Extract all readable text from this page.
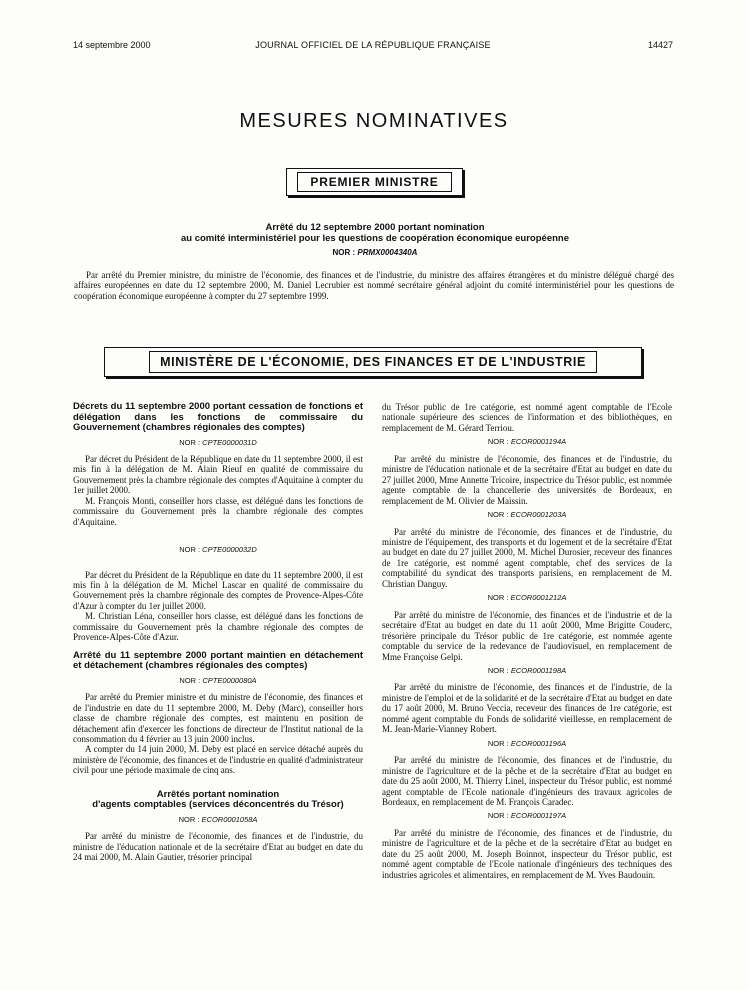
14 septembre 2000	JOURNAL OFFICIEL DE LA RÉPUBLIQUE FRANÇAISE	14427
MESURES NOMINATIVES
PREMIER MINISTRE
Arrêté du 12 septembre 2000 portant nomination
au comité interministériel pour les questions de coopération économique européenne
NOR : PRMX0004340A
Par arrêté du Premier ministre, du ministre de l'économie, des finances et de l'industrie, du ministre des affaires étrangères et du ministre délégué chargé des affaires européennes en date du 12 septembre 2000, M. Daniel Lecrubier est nommé secrétaire général adjoint du comité interministériel pour les questions de coopération économique européenne à compter du 27 septembre 1999.
MINISTÈRE DE L'ÉCONOMIE, DES FINANCES ET DE L'INDUSTRIE

Décrets du 11 septembre 2000 portant cessation de fonctions et délégation dans les fonctions de commissaire du Gouvernement (chambres régionales des comptes)

NOR : CPTE0000031D

Par décret du Président de la République en date du 11 septembre 2000, il est mis fin à la délégation de M. Alain Rieuf en qualité de commissaire du Gouvernement près la chambre régionale des comptes d'Aquitaine à compter du 1er juillet 2000.

M. François Monti, conseiller hors classe, est délégué dans les fonctions de commissaire du Gouvernement près la chambre régionale des comptes d'Aquitaine.

NOR : CPTE0000032D

Par décret du Président de la République en date du 11 septembre 2000, il est mis fin à la délégation de M. Michel Lascar en qualité de commissaire du Gouvernement près la chambre régionale des comptes de Provence-Alpes-Côte d'Azur à compter du 1er juillet 2000.

M. Christian Léna, conseiller hors classe, est délégué dans les fonctions de commissaire du Gouvernement près la chambre régionale des comptes de Provence-Alpes-Côte d'Azur.

Arrêté du 11 septembre 2000 portant maintien en détachement et détachement (chambres régionales des comptes)

NOR : CPTE0000080A

Par arrêté du Premier ministre et du ministre de l'économie, des finances et de l'industrie en date du 11 septembre 2000, M. Deby (Marc), conseiller hors classe de chambre régionale des comptes, est maintenu en position de détachement afin d'exercer les fonctions de directeur de l'Institut national de la consommation du 4 février au 13 juin 2000 inclus.

A compter du 14 juin 2000, M. Deby est placé en service détaché auprès du ministère de l'économie, des finances et de l'industrie en qualité d'administrateur civil pour une période maximale de cinq ans.

Arrêtés portant nomination

d'agents comptables (services déconcentrés du Trésor)

NOR : ECOR0001058A

Par arrêté du ministre de l'économie, des finances et de l'industrie, du ministre de l'éducation nationale et de la secrétaire d'Etat au budget en date du 24 mai 2000, M. Alain Gautier, trésorier principal

du Trésor public de 1re catégorie, est nommé agent comptable de l'Ecole nationale supérieure des sciences de l'information et des bibliothèques, en remplacement de M. Gérard Terriou.

NOR : ECOR0001194A

Par arrêté du ministre de l'économie, des finances et de l'industrie, du ministre de l'éducation nationale et de la secrétaire d'Etat au budget en date du 27 juillet 2000, Mme Annette Tricoire, inspectrice du Trésor public, est nommée agente comptable de la chancellerie des universités de Bordeaux, en remplacement de M. Olivier de Maissin.

NOR : ECOR0001203A

Par arrêté du ministre de l'économie, des finances et de l'industrie, du ministre de l'équipement, des transports et du logement et de la secrétaire d'Etat au budget en date du 27 juillet 2000, M. Michel Durosier, receveur des finances de 1re catégorie, est nommé agent comptable, chef des services de la comptabilité du syndicat des transports parisiens, en remplacement de M. Christian Danguy.

NOR : ECOR0001212A

Par arrêté du ministre de l'économie, des finances et de l'industrie et de la secrétaire d'Etat au budget en date du 11 août 2000, Mme Brigitte Couderc, trésorière principale du Trésor public de 1re catégorie, est nommée agente comptable du service de la redevance de l'audiovisuel, en remplacement de Mme Françoise Gelpi.

NOR : ECOR0001198A

Par arrêté du ministre de l'économie, des finances et de l'industrie, de la ministre de l'emploi et de la solidarité et de la secrétaire d'Etat au budget en date du 17 août 2000, M. Bruno Veccia, receveur des finances de 1re catégorie, est nommé agent comptable du Fonds de solidarité vieillesse, en remplacement de M. Jean-Marie-Vianney Robert.

NOR : ECOR0001196A

Par arrêté du ministre de l'économie, des finances et de l'industrie, du ministre de l'agriculture et de la pêche et de la secrétaire d'Etat au budget en date du 25 août 2000, M. Thierry Linel, inspecteur du Trésor public, est nommé agent comptable de l'Ecole nationale d'ingénieurs des travaux agricoles de Bordeaux, en remplacement de M. François Caradec.

NOR : ECOR0001197A

Par arrêté du ministre de l'économie, des finances et de l'industrie, du ministre de l'agriculture et de la pêche et de la secrétaire d'Etat au budget en date du 25 août 2000, M. Joseph Boinnot, inspecteur du Trésor public, est nommé agent comptable de l'Ecole nationale d'ingénieurs des techniques des industries agricoles et alimentaires, en remplacement de M. Yves Baudouin.
